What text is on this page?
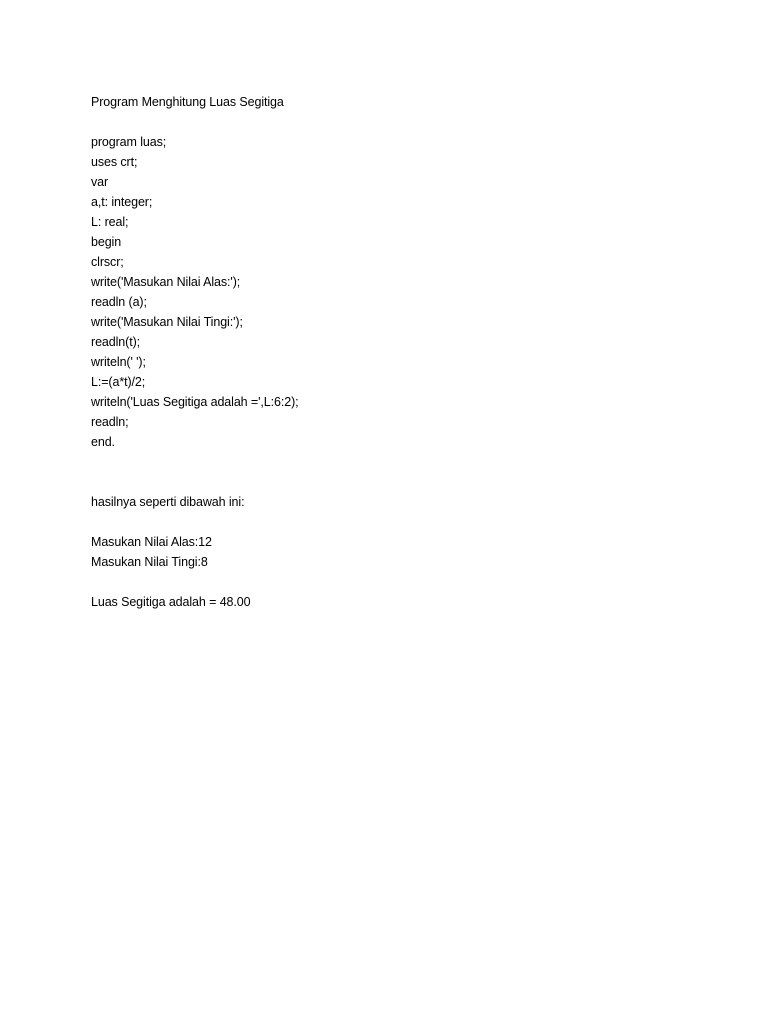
Program Menghitung Luas Segitiga
program luas;
uses crt;
var
a,t: integer;
L: real;
begin
clrscr;
write('Masukan Nilai Alas:');
readln (a);
write('Masukan Nilai Tingi:');
readln(t);
writeln(' ');
L:=(a*t)/2;
writeln('Luas Segitiga adalah =',L:6:2);
readln;
end.
hasilnya seperti dibawah ini:
Masukan Nilai Alas:12
Masukan Nilai Tingi:8
Luas Segitiga adalah = 48.00
